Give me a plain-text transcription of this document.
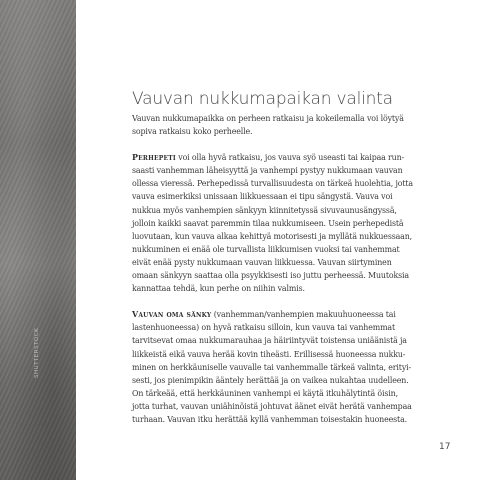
SHUTTERSTOCK
Vauvan nukkumapaikan valinta

Vauvan nukkumapaikka on perheen ratkaisu ja kokeilemalla voi löytyä
sopiva ratkaisu koko perheelle.

Perhepeti voi olla hyvä ratkaisu, jos vauva syö useasti tai kaipaa run-
saasti vanhemman läheisyyttä ja vanhempi pystyy nukkumaan vauvan
ollessa vieressä. Perhepedissä turvallisuudesta on tärkeä huolehtia, jotta
vauva esimerkiksi unissaan liikkuessaan ei tipu sängystä. Vauva voi
nukkua myös vanhempien sänkyyn kiinnitetyssä sivuvaunusängyssä,
jolloin kaikki saavat paremmin tilaa nukkumiseen. Usein perhepedistä
luovutaan, kun vauva alkaa kehittyä motorisesti ja myllätä nukkuessaan,
nukkuminen ei enää ole turvallista liikkumisen vuoksi tai vanhemmat
eivät enää pysty nukkumaan vauvan liikkuessa. Vauvan siirtyminen
omaan sänkyyn saattaa olla psyykkisesti iso juttu perheessä. Muutoksia
kannattaa tehdä, kun perhe on niihin valmis.

Vauvan oma sänky (vanhemman/vanhempien makuuhuoneessa tai
lastenhuoneessa) on hyvä ratkaisu silloin, kun vauva tai vanhemmat
tarvitsevat omaa nukkumarauhaa ja häiriintyvät toistensa uniäänistä ja
liikkeistä eikä vauva herää kovin tiheästi. Erillisessä huoneessa nukku-
minen on herkkäuniselle vauvalle tai vanhemmalle tärkeä valinta, erityi-
sesti, jos pienimpikin ääntely herättää ja on vaikea nukahtaa uudelleen.
On tärkeää, että herkkäuninen vanhempi ei käytä itkuhälytintä öisin,
jotta turhat, vauvan uniähinöistä johtuvat äänet eivät herätä vanhempaa
turhaan. Vauvan itku herättää kyllä vanhemman toisestakin huoneesta.

17
